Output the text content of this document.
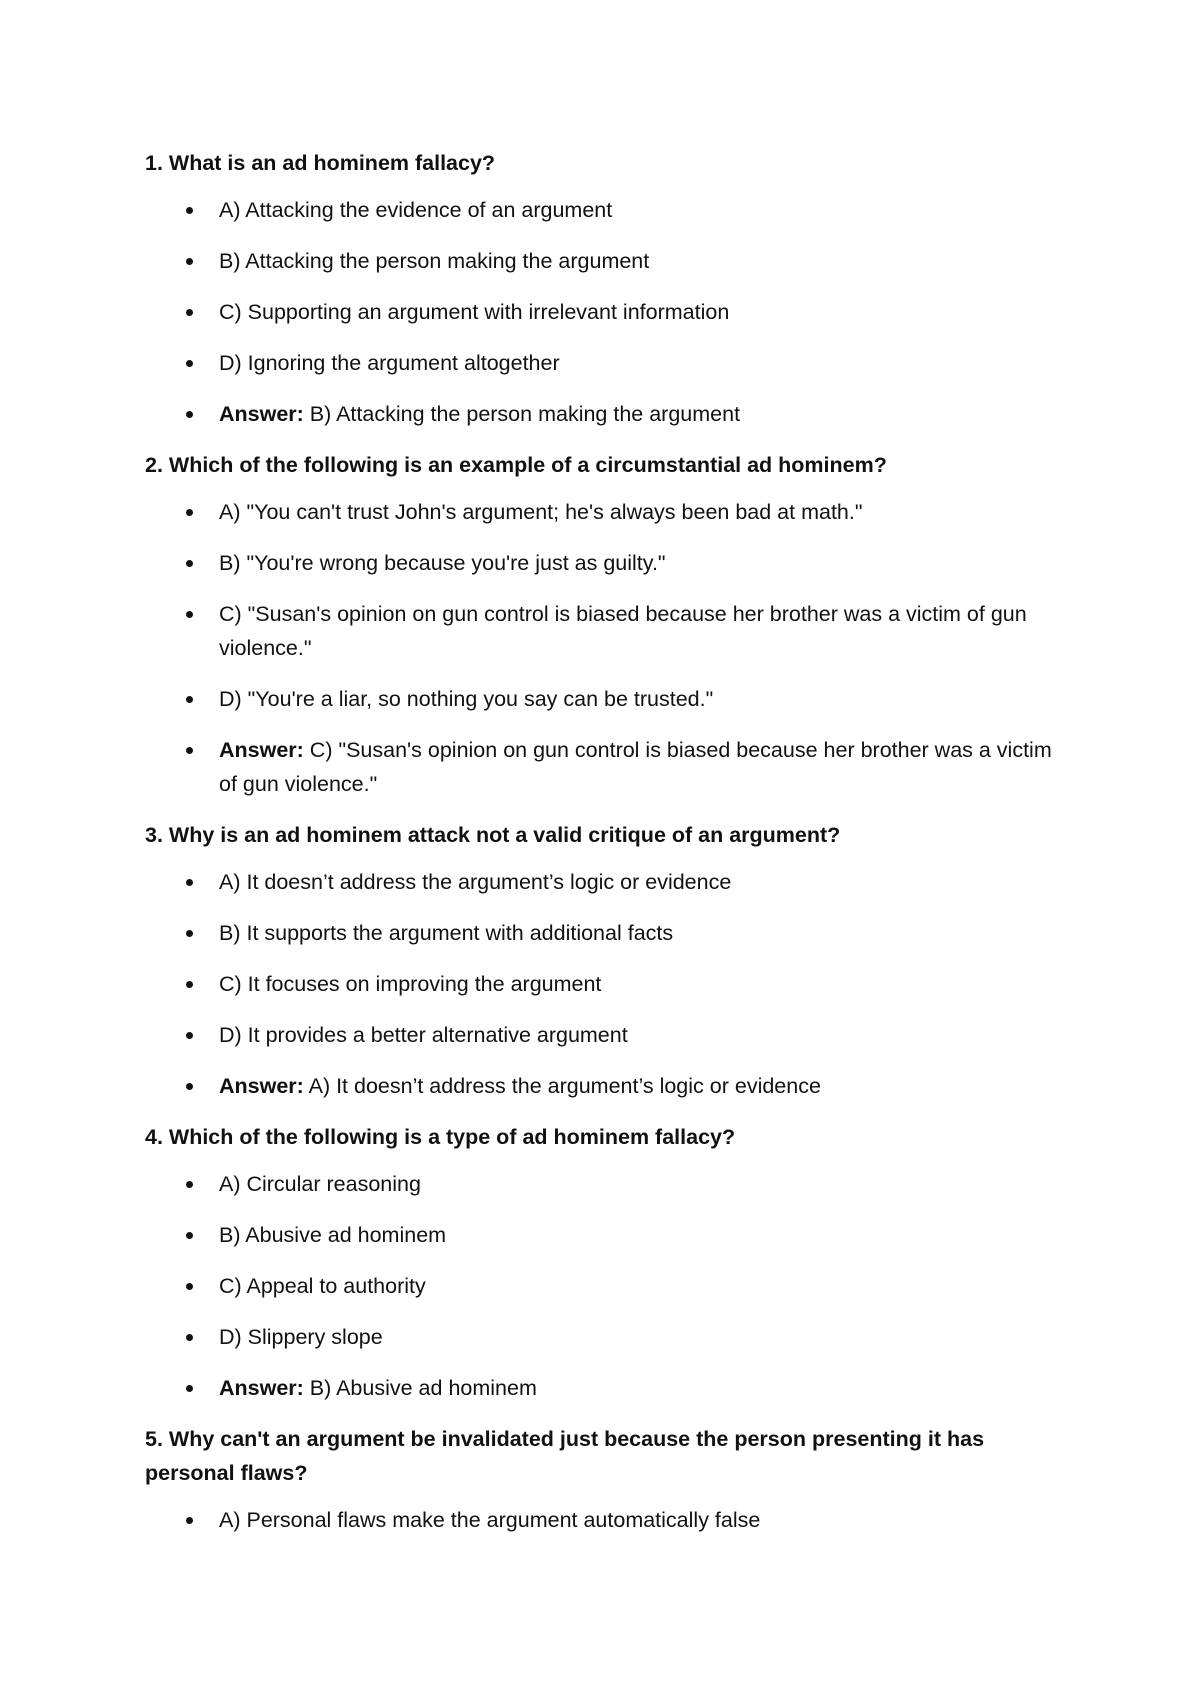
1. What is an ad hominem fallacy?

A) Attacking the evidence of an argument
B) Attacking the person making the argument
C) Supporting an argument with irrelevant information
D) Ignoring the argument altogether
Answer: B) Attacking the person making the argument

2. Which of the following is an example of a circumstantial ad hominem?

A) "You can't trust John's argument; he's always been bad at math."
B) "You're wrong because you're just as guilty."
C) "Susan's opinion on gun control is biased because her brother was a victim of gun violence."
D) "You're a liar, so nothing you say can be trusted."
Answer: C) "Susan's opinion on gun control is biased because her brother was a victim of gun violence."

3. Why is an ad hominem attack not a valid critique of an argument?

A) It doesn’t address the argument’s logic or evidence
B) It supports the argument with additional facts
C) It focuses on improving the argument
D) It provides a better alternative argument
Answer: A) It doesn’t address the argument’s logic or evidence

4. Which of the following is a type of ad hominem fallacy?

A) Circular reasoning
B) Abusive ad hominem
C) Appeal to authority
D) Slippery slope
Answer: B) Abusive ad hominem

5. Why can't an argument be invalidated just because the person presenting it has personal flaws?

A) Personal flaws make the argument automatically false
